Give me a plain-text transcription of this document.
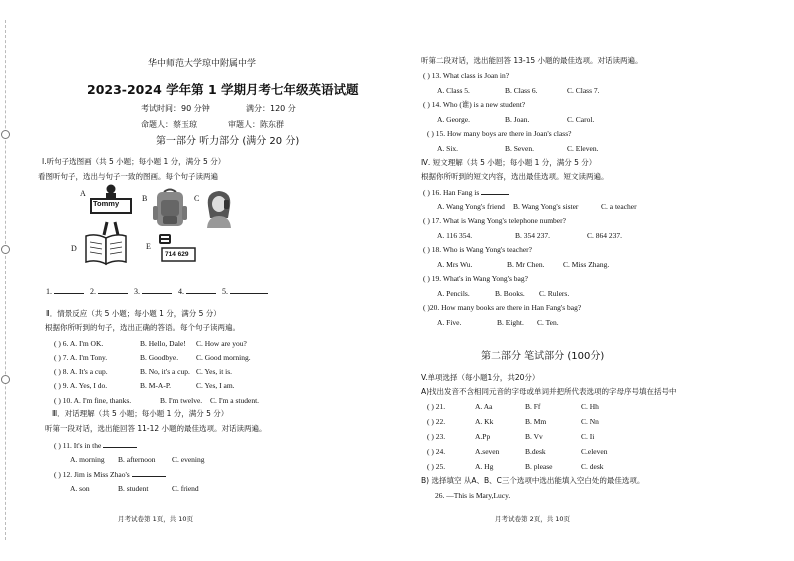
华中师范大学琼中附属中学
2023-2024 学年第 1 学期月考七年级英语试题
考试时间：90 分钟	满分：120 分
命题人：蔡玉琼	审题人：陈东群
第一部分 听力部分 (满分 20 分)
Ⅰ.听句子选图画（共 5 小题；每小题 1 分，满分 5 分）
看图听句子，选出与句子一致的图画。每个句子读两遍
A
Tommy
B	C
D	E
714 629
1.	2.	3.	4.	5.
Ⅱ．情景反应（共 5 小题；每小题 1 分，满分 5 分）
根据你所听到的句子，选出正确的答语。每个句子读两遍。
( ) 6. A. I'm OK.	B. Hello, Dale! C. How are you?
( ) 7. A. I'm Tony.	B. Goodbye. C. Good morning.
( ) 8. A. It's a cup.	B. No, it's a cup. C. Yes, it is.
( ) 9. A. Yes, I do.	B. M-A-P.	C. Yes, I am.
( ) 10. A. I'm fine, thanks.	B. I'm twelve. C. I'm a student.
Ⅲ．对话理解（共 5 小题；每小题 1 分，满分 5 分）
听第一段对话，选出能回答 11-12 小题的最佳选项。对话读两遍。
( ) 11. It's in the
A. morning B. afternoon C. evening
( ) 12. Jim is Miss Zhao's
A. son	B. student	C. friend
月考试卷第 1页，共 10页
听第二段对话，选出能回答 13-15 小题的最佳选项。对话读两遍。
( ) 13. What class is Joan in?
A. Class 5.	B. Class 6.	C. Class 7.
( ) 14. Who (谁) is a new student?
A. George.	B. Joan.	C. Carol.
( ) 15. How many boys are there in Joan's class?
A. Six.	B. Seven.	C. Eleven.
Ⅳ. 短文理解（共 5 小题；每小题 1 分，满分 5 分）
根据你所听到的短文内容，选出最佳选项。短文读两遍。
( ) 16. Han Fang is
A. Wang Yong's friend B. Wang Yong's sister	C. a teacher
( ) 17. What is Wang Yong's telephone number?
A. 116 354.	B. 354 237.	C. 864 237.
( ) 18. Who is Wang Yong's teacher?
A. Mrs Wu.	B. Mr Chen. C. Miss Zhang.
( ) 19. What's in Wang Yong's bag?
A. Pencils.	B. Books. C. Rulers.
( )20. How many books are there in Han Fang's bag?
A. Five.	B. Eight. C. Ten.
第二部分 笔试部分 (100分)
V.单项选择（每小题1分，共20分）
A)找出发音不含相同元音的字母或单词并把所代表选项的字母序号填在括号中
( ) 21.	A. Aa	B. Ff	C. Hh
( ) 22.	A. Kk	B. Mm	C. Nn
( ) 23.	A.Pp	B. Vv	C. Ii
( ) 24.	A.seven	B.desk	C.eleven
( ) 25.	A. Hg	B. please	C. desk
B) 选择填空 从A、B、C三个选项中选出能填入空白处的最佳选项。
26. —This is Mary,Lucy.
月考试卷第 2页，共 10页
